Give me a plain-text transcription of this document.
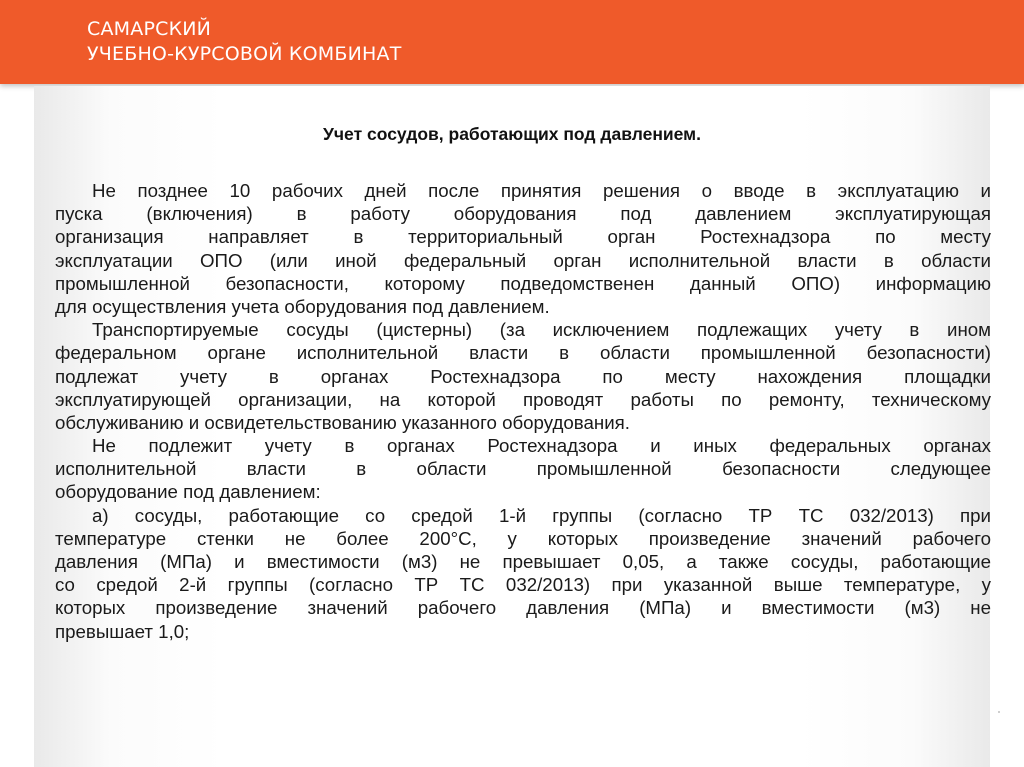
САМАРСКИЙ
УЧЕБНО-КУРСОВОЙ КОМБИНАТ
Учет сосудов, работающих под давлением.
Не позднее 10 рабочих дней после принятия решения о вводе в эксплуатацию и
пуска (включения) в работу оборудования под давлением эксплуатирующая
организация направляет в территориальный орган Ростехнадзора по месту
эксплуатации ОПО (или иной федеральный орган исполнительной власти в области
промышленной безопасности, которому подведомственен данный ОПО) информацию
для осуществления учета оборудования под давлением.
Транспортируемые сосуды (цистерны) (за исключением подлежащих учету в ином
федеральном органе исполнительной власти в области промышленной безопасности)
подлежат учету в органах Ростехнадзора по месту нахождения площадки
эксплуатирующей организации, на которой проводят работы по ремонту, техническому
обслуживанию и освидетельствованию указанного оборудования.
Не подлежит учету в органах Ростехнадзора и иных федеральных органах
исполнительной власти в области промышленной безопасности следующее
оборудование под давлением:
а) сосуды, работающие со средой 1-й группы (согласно ТР ТС 032/2013) при
температуре стенки не более 200°С, у которых произведение значений рабочего
давления (МПа) и вместимости (м3) не превышает 0,05, а также сосуды, работающие
со средой 2-й группы (согласно ТР ТС 032/2013) при указанной выше температуре, у
которых произведение значений рабочего давления (МПа) и вместимости (м3) не
превышает 1,0;
